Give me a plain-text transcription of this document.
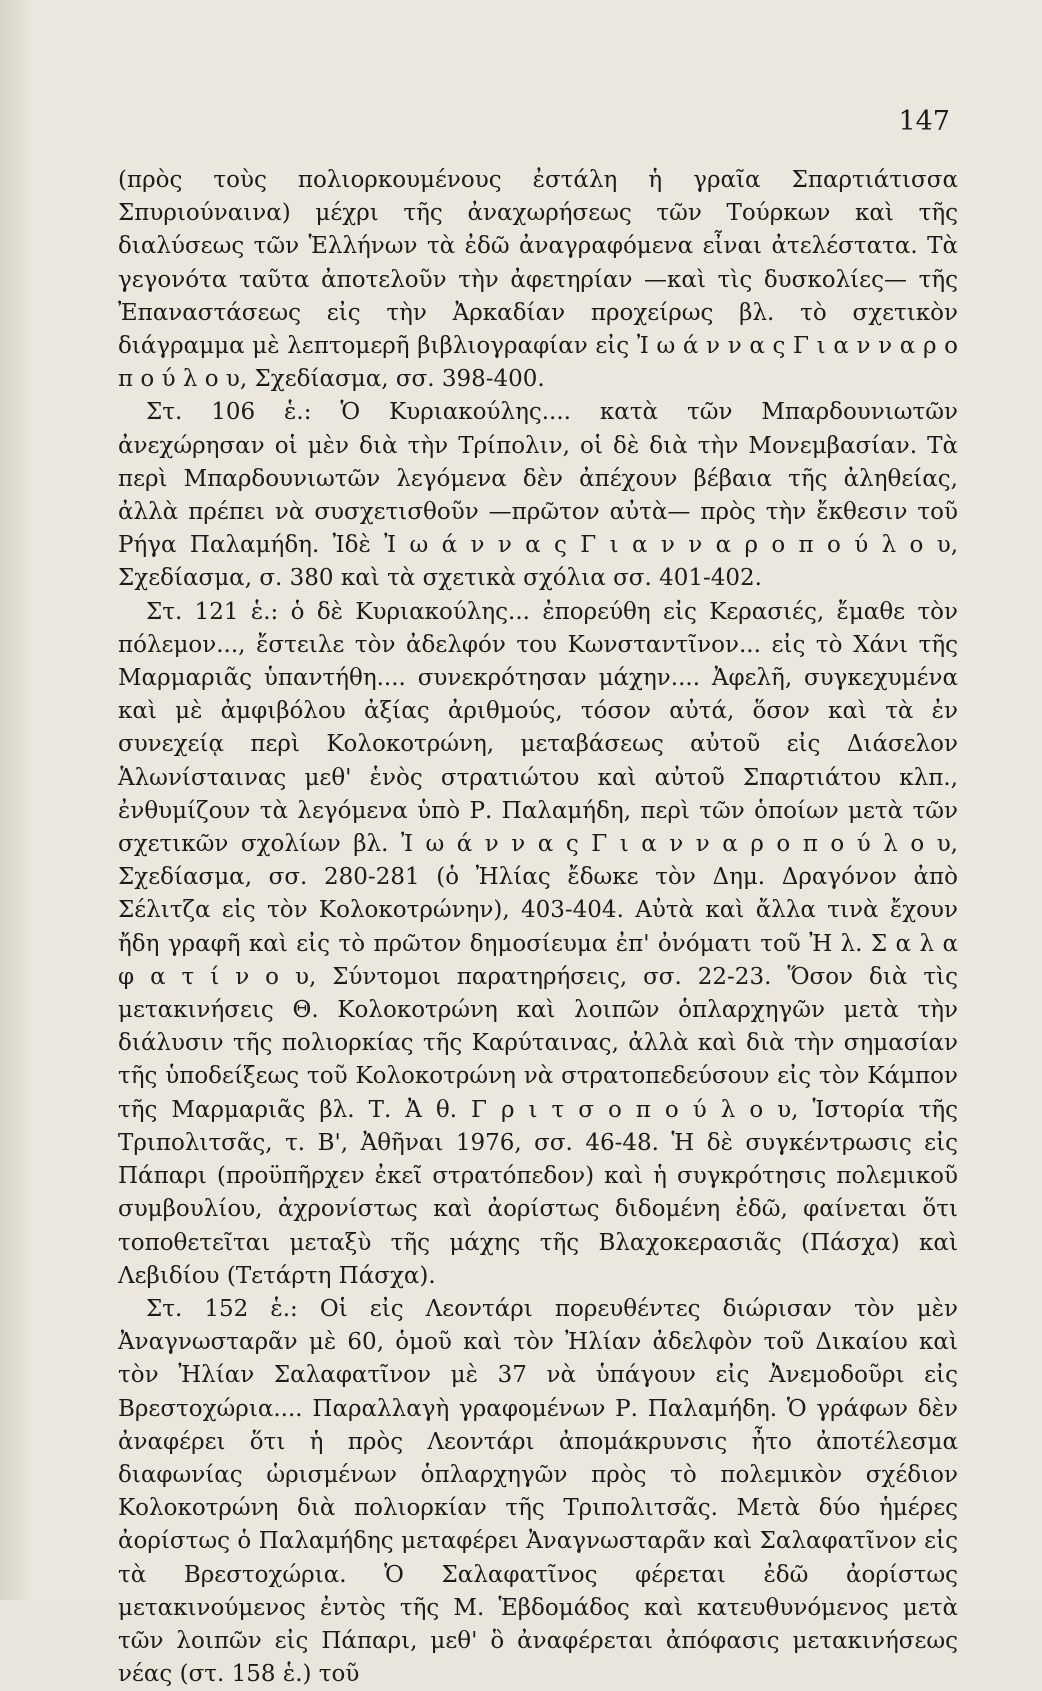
147

(πρὸς τοὺς πολιορκουμένους ἐστάλη ἡ γραῖα Σπαρτιάτισσα Σπυριούναινα) μέχρι τῆς ἀναχωρήσεως τῶν Τούρκων καὶ τῆς διαλύσεως τῶν Ἑλλήνων τὰ ἐδῶ ἀναγραφόμενα εἶναι ἀτελέστατα. Τὰ γεγονότα ταῦτα ἀποτελοῦν τὴν ἀφετηρίαν —καὶ τὶς δυσκολίες— τῆς Ἐπαναστάσεως εἰς τὴν Ἀρκαδίαν προχείρως βλ. τὸ σχετικὸν διάγραμμα μὲ λεπτομερῆ βιβλιογραφίαν εἰς Ἰ ω ά ν ν α ς Γ ι α ν ν α ρ ο π ο ύ λ ο υ, Σχεδίασμα, σσ. 398-400.

Στ. 106 ἑ.: Ὁ Κυριακούλης.... κατὰ τῶν Μπαρδουνιωτῶν ἀνεχώρησαν οἱ μὲν διὰ τὴν Τρίπολιν, οἱ δὲ διὰ τὴν Μονεμβασίαν. Τὰ περὶ Μπαρδουνιωτῶν λεγόμενα δὲν ἀπέχουν βέβαια τῆς ἀληθείας, ἀλλὰ πρέπει νὰ συσχετισθοῦν —πρῶτον αὐτὰ— πρὸς τὴν ἔκθεσιν τοῦ Ρήγα Παλαμήδη. Ἰδὲ Ἰ ω ά ν ν α ς Γ ι α ν ν α ρ ο π ο ύ λ ο υ, Σχεδίασμα, σ. 380 καὶ τὰ σχετικὰ σχόλια σσ. 401-402.

Στ. 121 ἑ.: ὁ δὲ Κυριακούλης... ἐπορεύθη εἰς Κερασιές, ἔμαθε τὸν πόλεμον..., ἔστειλε τὸν ἀδελφόν του Κωνσταντῖνον... εἰς τὸ Χάνι τῆς Μαρμαριᾶς ὑπαντήθη.... συνεκρότησαν μάχην.... Ἀφελῆ, συγκεχυμένα καὶ μὲ ἀμφιβόλου ἀξίας ἀριθμούς, τόσον αὐτά, ὅσον καὶ τὰ ἐν συνεχείᾳ περὶ Κολοκοτρώνη, μεταβάσεως αὐτοῦ εἰς Διάσελον Ἁλωνίσταινας μεθ' ἑνὸς στρατιώτου καὶ αὐτοῦ Σπαρτιάτου κλπ., ἐνθυμίζουν τὰ λεγόμενα ὑπὸ Ρ. Παλαμήδη, περὶ τῶν ὁποίων μετὰ τῶν σχετικῶν σχολίων βλ. Ἰ ω ά ν ν α ς Γ ι α ν ν α ρ ο π ο ύ λ ο υ, Σχεδίασμα, σσ. 280-281 (ὁ Ἠλίας ἔδωκε τὸν Δημ. Δραγόνον ἀπὸ Σέλιτζα εἰς τὸν Κολοκοτρώνην), 403-404. Αὐτὰ καὶ ἄλλα τινὰ ἔχουν ἤδη γραφῆ καὶ εἰς τὸ πρῶτον δημοσίευμα ἐπ' ὀνόματι τοῦ Ἠ λ. Σ α λ α φ α τ ί ν ο υ, Σύντομοι παρατηρήσεις, σσ. 22-23. Ὅσον διὰ τὶς μετακινήσεις Θ. Κολοκοτρώνη καὶ λοιπῶν ὁπλαρχηγῶν μετὰ τὴν διάλυσιν τῆς πολιορκίας τῆς Καρύταινας, ἀλλὰ καὶ διὰ τὴν σημασίαν τῆς ὑποδείξεως τοῦ Κολοκοτρώνη νὰ στρατοπεδεύσουν εἰς τὸν Κάμπον τῆς Μαρμαριᾶς βλ. Τ. Ἀ θ. Γ ρ ι τ σ ο π ο ύ λ ο υ, Ἱστορία τῆς Τριπολιτσᾶς, τ. Β', Ἀθῆναι 1976, σσ. 46-48. Ἡ δὲ συγκέντρωσις εἰς Πάπαρι (προϋπῆρχεν ἐκεῖ στρατόπεδον) καὶ ἡ συγκρότησις πολεμικοῦ συμβουλίου, ἀχρονίστως καὶ ἀορίστως διδομένη ἐδῶ, φαίνεται ὅτι τοποθετεῖται μεταξὺ τῆς μάχης τῆς Βλαχοκερασιᾶς (Πάσχα) καὶ Λεβιδίου (Τετάρτη Πάσχα).

Στ. 152 ἑ.: Οἱ εἰς Λεοντάρι πορευθέντες διώρισαν τὸν μὲν Ἀναγνωσταρᾶν μὲ 60, ὁμοῦ καὶ τὸν Ἠλίαν ἀδελφὸν τοῦ Δικαίου καὶ τὸν Ἠλίαν Σαλαφατῖνον μὲ 37 νὰ ὑπάγουν εἰς Ἀνεμοδοῦρι εἰς Βρεστοχώρια.... Παραλλαγὴ γραφομένων Ρ. Παλαμήδη. Ὁ γράφων δὲν ἀναφέρει ὅτι ἡ πρὸς Λεοντάρι ἀπομάκρυνσις ἦτο ἀποτέλεσμα διαφωνίας ὡρισμένων ὁπλαρχηγῶν πρὸς τὸ πολεμικὸν σχέδιον Κολοκοτρώνη διὰ πολιορκίαν τῆς Τριπολιτσᾶς. Μετὰ δύο ἡμέρες ἀορίστως ὁ Παλαμήδης μεταφέρει Ἀναγνωσταρᾶν καὶ Σαλαφατῖνον εἰς τὰ Βρεστοχώρια. Ὁ Σαλαφατῖνος φέρεται ἐδῶ ἀορίστως μετακινούμενος ἐντὸς τῆς Μ. Ἑβδομάδος καὶ κατευθυνόμενος μετὰ τῶν λοιπῶν εἰς Πάπαρι, μεθ' ὃ ἀναφέρεται ἀπόφασις μετακινήσεως νέας (στ. 158 ἑ.) τοῦ
